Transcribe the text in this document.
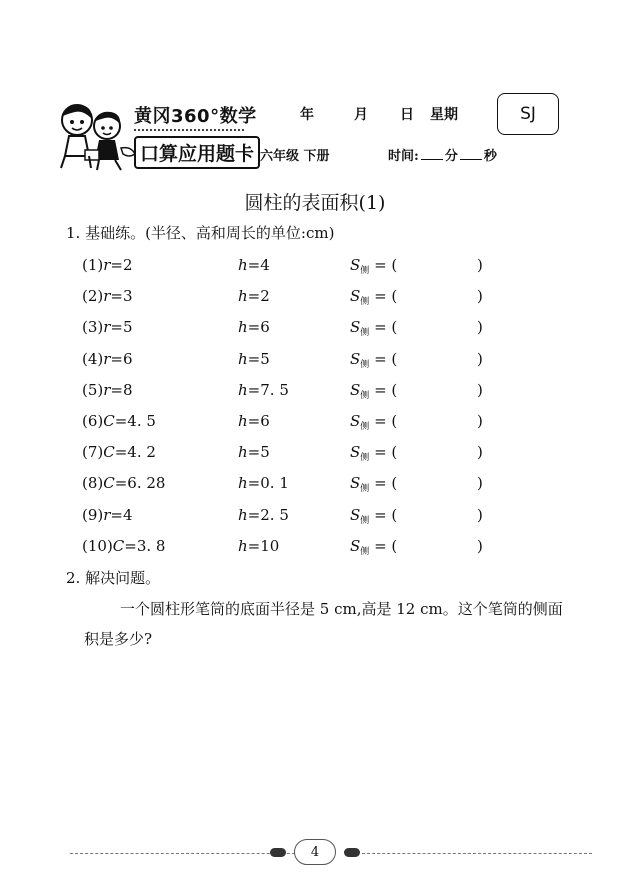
黄冈360°数学
口算应用题卡
年	月 日 星期
六年级 下册	时间: 分 秒
SJ
圆柱的表面积(1)
1. 基础练。(半径、高和周长的单位:cm)
(1)r=2	h=4	$S_侧$ = (	)
(2)r=3	h=2	$S_侧$ = (	)
(3)r=5	h=6	$S_侧$ = (	)
(4)r=6	h=5	$S_侧$ = (	)
(5)r=8	h=7. 5	$S_侧$ = (	)
(6)C=4. 5	h=6	$S_侧$ = (	)
(7)C=4. 2	h=5	$S_侧$ = (	)
(8)C=6. 28	h=0. 1	$S_侧$ = (	)
(9)r=4	h=2. 5	$S_侧$ = (	)
(10)C=3. 8	h=10	$S_侧$ = (	)
2. 解决问题。
一个圆柱形笔筒的底面半径是 5 cm,高是 12 cm。这个笔筒的侧面积是多少?
4
